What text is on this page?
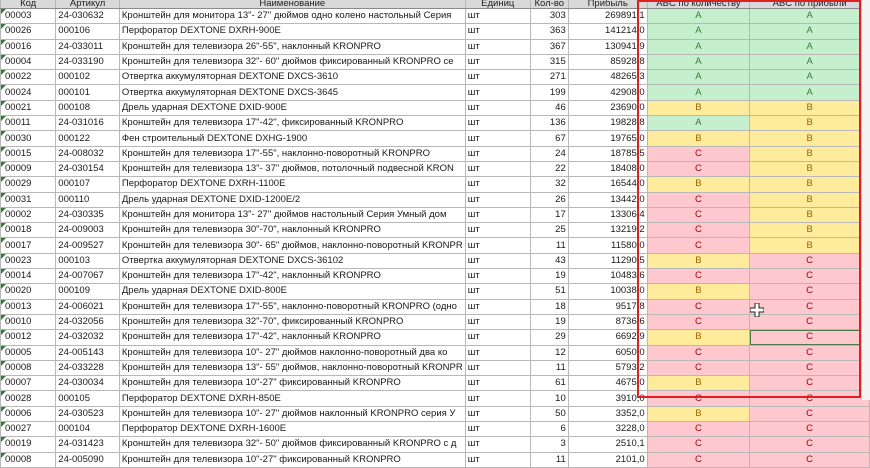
Код	Артикул	Наименование	Единиц	Кол-во	Прибыль	ABC по количеству	ABC по прибыли
00003	24-030632	Кронштейн для монитора 13"- 27" дюймов одно колено настольный Серия	шт	303	269891,1	A	A
00026	000106	Перфоратор DEXTONE DXRH-900E	шт	363	141214,0	A	A
00016	24-033011	Кронштейн для телевизора 26"-55", наклонный KRONPRO	шт	367	130941,9	A	A
00004	24-033190	Кронштейн для телевизора 32"- 60" дюймов фиксированный KRONPRO се	шт	315	85928,8	A	A
00022	000102	Отвертка аккумуляторная DEXTONE DXCS-3610	шт	271	48265,3	A	A
00024	000101	Отвертка аккумуляторная DEXTONE DXCS-3645	шт	199	42908,0	A	A
00021	000108	Дрель ударная DEXTONE DXID-900E	шт	46	23690,0	B	B
00011	24-031016	Кронштейн для телевизора 17"-42", фиксированный KRONPRO	шт	136	19828,8	A	B
00030	000122	Фен строительный DEXTONE DXHG-1900	шт	67	19765,0	B	B
00015	24-008032	Кронштейн для телевизора 17"-55", наклонно-поворотный KRONPRO	шт	24	18785,5	C	B
00009	24-030154	Кронштейн для телевизора 13"- 37" дюймов, потолочный подвесной KRON	шт	22	18408,0	C	B
00029	000107	Перфоратор DEXTONE DXRH-1100E	шт	32	16544,0	B	B
00031	000110	Дрель ударная DEXTONE DXID-1200E/2	шт	26	13442,0	C	B
00002	24-030335	Кронштейн для монитора 13"- 27" дюймов настольный Серия Умный дом	шт	17	13306,4	C	B
00018	24-009003	Кронштейн для телевизора 30"-70", наклонный KRONPRO	шт	25	13219,2	C	B
00017	24-009527	Кронштейн для телевизора 30"- 65" дюймов, наклонно-поворотный KRONPR	шт	11	11580,0	C	B
00023	000103	Отвертка аккумуляторная DEXTONE DXCS-36102	шт	43	11290,5	B	C
00014	24-007067	Кронштейн для телевизора 17"-42", наклонный KRONPRO	шт	19	10483,6	C	C
00020	000109	Дрель ударная DEXTONE DXID-800E	шт	51	10038,0	B	C
00013	24-006021	Кронштейн для телевизора 17"-55", наклонно-поворотный KRONPRO (одно	шт	18	9517,8	C	C
00010	24-032056	Кронштейн для телевизора 32"-70", фиксированный KRONPRO	шт	19	8736,6	C	C
00012	24-032032	Кронштейн для телевизора 17"-42", наклонный KRONPRO	шт	29	6692,9	B	C
00005	24-005143	Кронштейн для телевизора 10"- 27" дюймов наклонно-поворотный два ко	шт	12	6050,0	C	C
00008	24-033228	Кронштейн для телевизора 13"- 55" дюймов, наклонно-поворотный KRONPR	шт	11	5793,2	C	C
00007	24-030034	Кронштейн для телевизора 10"-27" фиксированный KRONPRO	шт	61	4675,0	B	C
00028	000105	Перфоратор DEXTONE DXRH-850E	шт	10	3910,0	C	C
00006	24-030523	Кронштейн для телевизора 10"- 27" дюймов наклонный KRONPRO серия У	шт	50	3352,0	B	C
00027	000104	Перфоратор DEXTONE DXRH-1600E	шт	6	3228,0	C	C
00019	24-031423	Кронштейн для телевизора 32"- 50" дюймов фиксированный KRONPRO с д	шт	3	2510,1	C	C
00008	24-005090	Кронштейн для телевизора 10"-27" фиксированный KRONPRO	шт	11	2101,0	C	C
